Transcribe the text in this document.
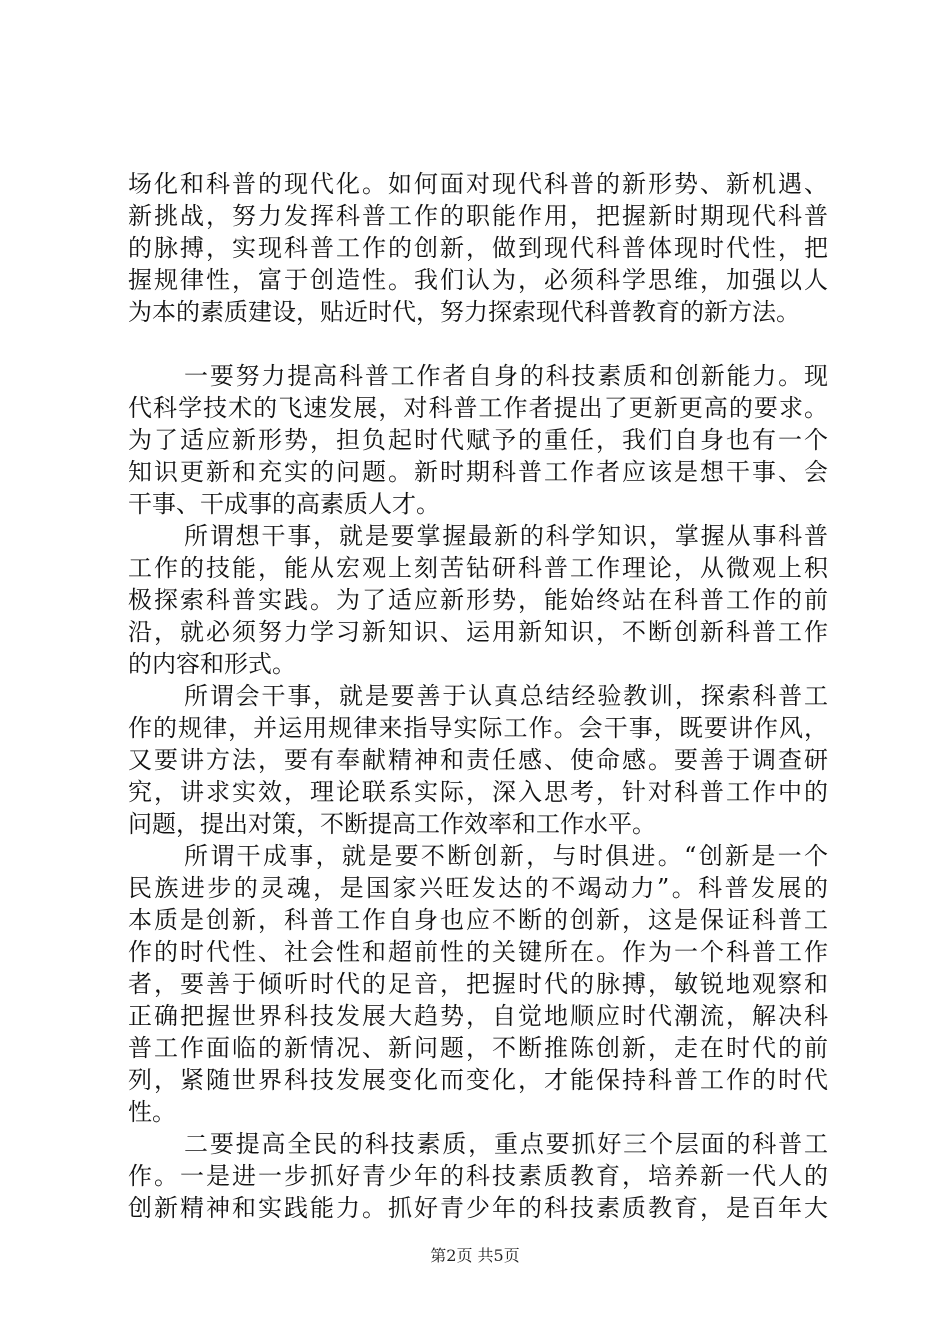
场化和科普的现代化。如何面对现代科普的新形势、新机遇、
新挑战，努力发挥科普工作的职能作用，把握新时期现代科普
的脉搏，实现科普工作的创新，做到现代科普体现时代性，把
握规律性，富于创造性。我们认为，必须科学思维，加强以人
为本的素质建设，贴近时代，努力探索现代科普教育的新方法。
一要努力提高科普工作者自身的科技素质和创新能力。现
代科学技术的飞速发展，对科普工作者提出了更新更高的要求。
为了适应新形势，担负起时代赋予的重任，我们自身也有一个
知识更新和充实的问题。新时期科普工作者应该是想干事、会
干事、干成事的高素质人才。
所谓想干事，就是要掌握最新的科学知识，掌握从事科普
工作的技能，能从宏观上刻苦钻研科普工作理论，从微观上积
极探索科普实践。为了适应新形势，能始终站在科普工作的前
沿，就必须努力学习新知识、运用新知识，不断创新科普工作
的内容和形式。
所谓会干事，就是要善于认真总结经验教训，探索科普工
作的规律，并运用规律来指导实际工作。会干事，既要讲作风，
又要讲方法，要有奉献精神和责任感、使命感。要善于调查研
究，讲求实效，理论联系实际，深入思考，针对科普工作中的
问题，提出对策，不断提高工作效率和工作水平。
所谓干成事，就是要不断创新，与时俱进。“创新是一个
民族进步的灵魂，是国家兴旺发达的不竭动力”。科普发展的
本质是创新，科普工作自身也应不断的创新，这是保证科普工
作的时代性、社会性和超前性的关键所在。作为一个科普工作
者，要善于倾听时代的足音，把握时代的脉搏，敏锐地观察和
正确把握世界科技发展大趋势，自觉地顺应时代潮流，解决科
普工作面临的新情况、新问题，不断推陈创新，走在时代的前
列，紧随世界科技发展变化而变化，才能保持科普工作的时代
性。
二要提高全民的科技素质，重点要抓好三个层面的科普工
作。一是进一步抓好青少年的科技素质教育，培养新一代人的
创新精神和实践能力。抓好青少年的科技素质教育，是百年大
第2页 共5页
